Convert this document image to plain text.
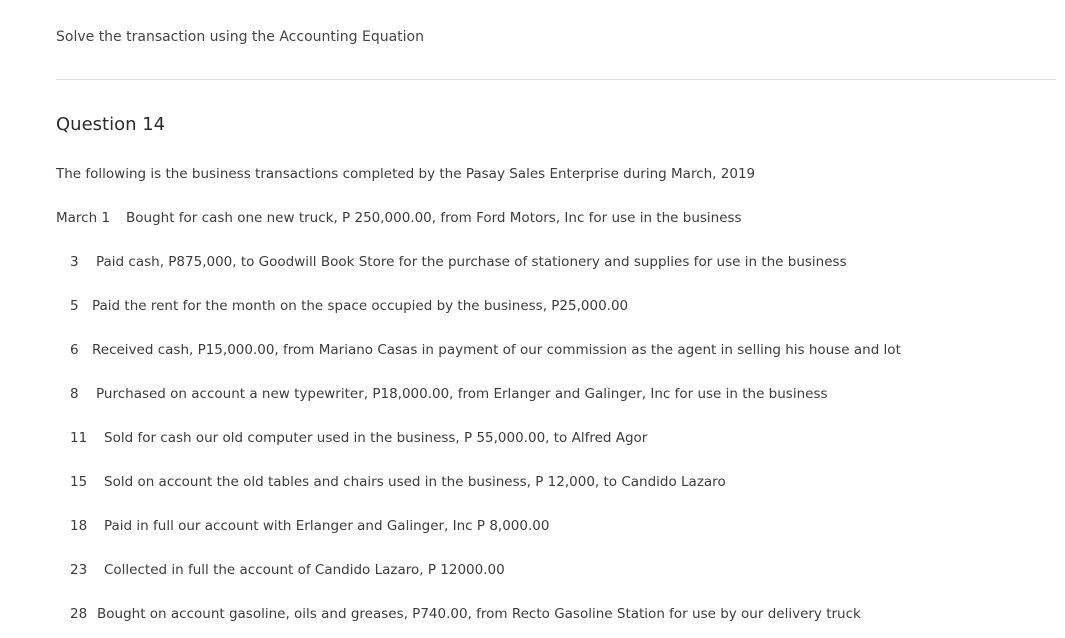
Solve the transaction using the Accounting Equation
Question 14
The following is the business transactions completed by the Pasay Sales Enterprise during March, 2019
March 1 Bought for cash one new truck, P 250,000.00, from Ford Motors, Inc for use in the business
3 Paid cash, P875,000, to Goodwill Book Store for the purchase of stationery and supplies for use in the business
5 Paid the rent for the month on the space occupied by the business, P25,000.00
6 Received cash, P15,000.00, from Mariano Casas in payment of our commission as the agent in selling his house and lot
8 Purchased on account a new typewriter, P18,000.00, from Erlanger and Galinger, Inc for use in the business
11 Sold for cash our old computer used in the business, P 55,000.00, to Alfred Agor
15 Sold on account the old tables and chairs used in the business, P 12,000, to Candido Lazaro
18 Paid in full our account with Erlanger and Galinger, Inc P 8,000.00
23 Collected in full the account of Candido Lazaro, P 12000.00
28 Bought on account gasoline, oils and greases, P740.00, from Recto Gasoline Station for use by our delivery truck
